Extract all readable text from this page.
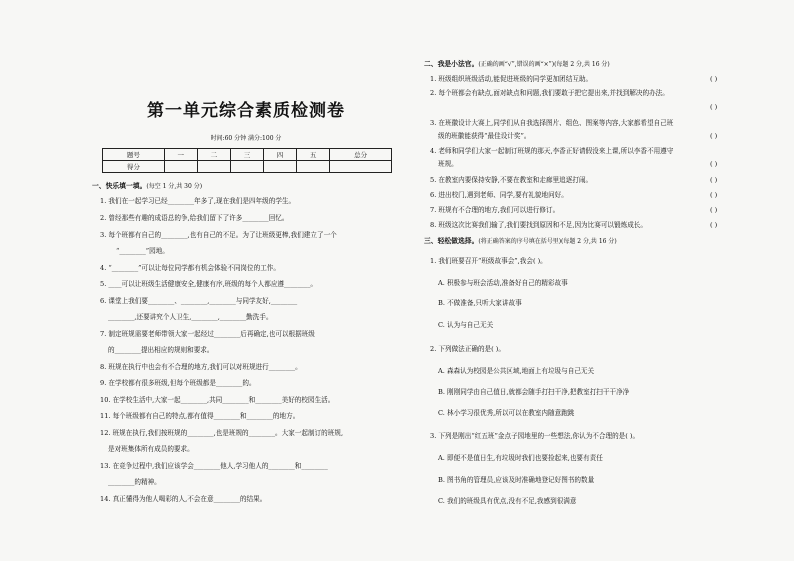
第一单元综合素质检测卷
时间:60 分钟 满分:100 分
题号	一	二	三	四	五	总分
得分						
一、快乐填一填。(每空 1 分,共 30 分)
1. 我们在一起学习已经________年多了,现在我们是四年级的学生。
2. 曾经那些有趣的成语总的争,给我们留下了许多________回忆。
3. 每个班都有自己的________,也有自己的不足。为了让班级更棒,我们建立了一个
“________”园地。
4. “________”可以让每位同学都有机会体验不同岗位的工作。
5. ____可以让班级生活健康安全,健康有序,班级的每个人都应遵________。
6. 课堂上我们要________、________,________与同学友好,________
________,还要讲究个人卫生,________,________勤洗手。
7. 制定班规需要老师带领大家一起经过________后再确定,也可以根据班级
的________提出相应的规则和要求。
8. 班规在执行中也会有不合理的地方,我们可以对班规进行________。
9. 在学校都有很多班级,但每个班级都是________的。
10. 在学校生活中,大家一起________,共同________和________美好的校园生活。
11. 每个班级都有自己的特点,都有值得________和________的地方。
12. 班规在执行,我们按班规的________,也是班规的________。大家一起制订的班规,
是对班集体所有成员的要求。
13. 在竞争过程中,我们应该学会________他人,学习他人的________和________
________的精神。
14. 真正懂得为他人喝彩的人,不会在意________的结果。
二、我是小法官。(正确的画“√”,错误的画“×”)(每题 2 分,共 16 分)
1. 班级组织班级活动,能促进班级的同学更加团结互助。	( )
2. 每个班都会有缺点,面对缺点和问题,我们要敢于把它提出来,并找到解决的办法。
( )
3. 在班徽设计大赛上,同学们从自我选择图片、组色、图案等内容,大家都希望自己班
级的班徽能获得“最佳设计奖”。	( )
4. 老师和同学们大家一起制订班规的那天,李香正好请假没来上课,所以李香不用遵守
班规。	( )
5. 在教室内要保持安静,不要在教室和走廊里追逐打闹。	( )
6. 进出校门,遇到老师、同学,要有礼貌地问好。	( )
7. 班规有不合理的地方,我们可以进行修订。	( )
8. 班级这次比赛我们输了,我们要找到原因和不足,因为比赛可以锻炼成长。	( )
三、轻松做选择。(将正确答案的序号填在括号里)(每题 2 分,共 16 分)
1. 我们班要召开“班级故事会”,我会( )。
A. 积极参与班会活动,准备好自己的精彩故事
B. 不做准备,只听大家讲故事
C. 认为与自己无关
2. 下列做法正确的是( )。
A. 森森认为校园是公共区域,地面上有垃圾与自己无关
B. 刚刚同学由自己值日,就都会随手打扫干净,把教室打扫干干净净
C. 林小学习很优秀,所以可以在教室内随意跑跳
3. 下列是刚出“红五班”金点子园地里的一些想法,你认为不合理的是( )。
A. 即便不是值日生,有垃圾时我们也要捡起来,也要有责任
B. 图书角的管理员,应该及时准确地登记好图书的数量
C. 我们的班级具有优点,没有不足,我感到很满意
